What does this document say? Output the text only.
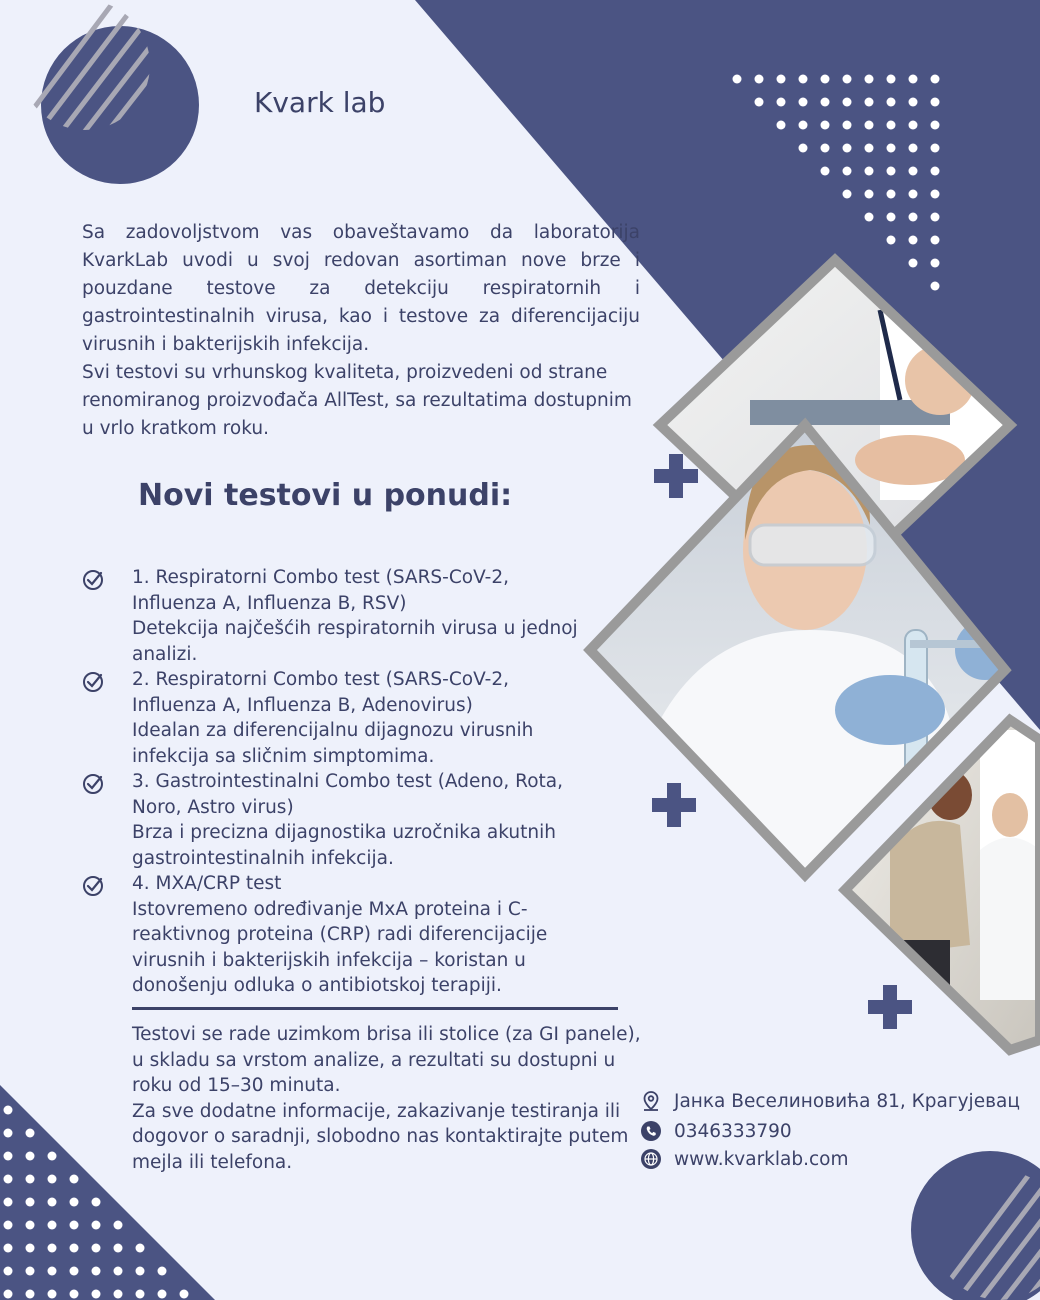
Kvark lab

Sa zadovoljstvom vas obaveštavamo da laboratorija KvarkLab uvodi u svoj redovan asortiman nove brze i pouzdane testove za detekciju respiratornih i gastrointestinalnih virusa, kao i testove za diferencijaciju virusnih i bakterijskih infekcija.

Svi testovi su vrhunskog kvaliteta, proizvedeni od strane renomiranog proizvođača AllTest, sa rezultatima dostupnim u vrlo kratkom roku.

Novi testovi u ponudi:
1. Respiratorni Combo test (SARS-CoV-2,
Influenza A, Influenza B, RSV)
Detekcija najčešćih respiratornih virusa u jednoj
analizi.
2. Respiratorni Combo test (SARS-CoV-2,
Influenza A, Influenza B, Adenovirus)
Idealan za diferencijalnu dijagnozu virusnih
infekcija sa sličnim simptomima.
3. Gastrointestinalni Combo test (Adeno, Rota,
Noro, Astro virus)
Brza i precizna dijagnostika uzročnika akutnih
gastrointestinalnih infekcija.
4. MXA/CRP test
Istovremeno određivanje MxA proteina i C-
reaktivnog proteina (CRP) radi diferencijacije
virusnih i bakterijskih infekcija – koristan u
donošenju odluka o antibiotskoj terapiji.

Testovi se rade uzimkom brisa ili stolice (za GI panele), u skladu sa vrstom analize, a rezultati su dostupni u roku od 15–30 minuta.

Za sve dodatne informacije, zakazivanje testiranja ili dogovor o saradnji, slobodno nas kontaktirajte putem mejla ili telefona.

Јанка Веселиновића 81, Крагујевац
0346333790
www.kvarklab.com
